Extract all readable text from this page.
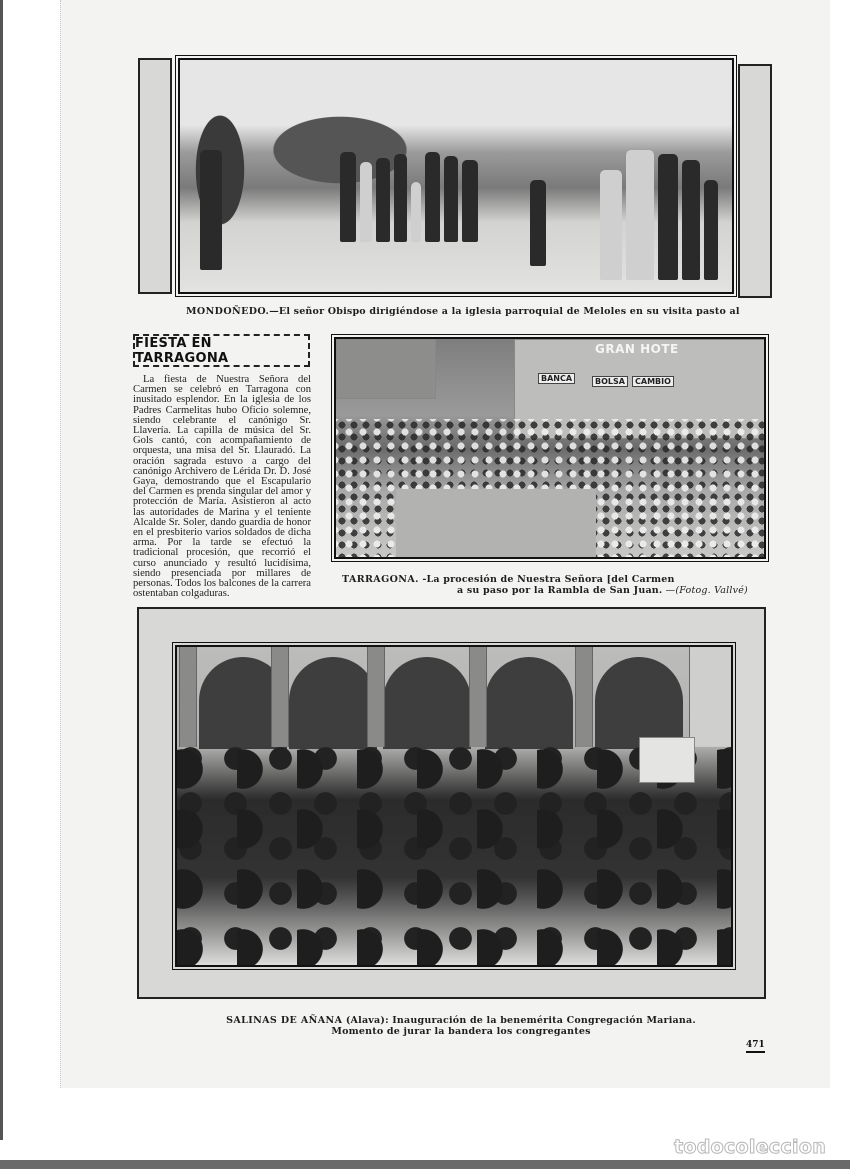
MONDOÑEDO.—El señor Obispo dirigiéndose a la iglesia parroquial de Meloles en su visita pasto al
FIESTA EN TARRAGONA

La fiesta de Nuestra Señora del Carmen se celebró en Tarragona con inusitado esplendor. En la iglesia de los Padres Carmelitas hubo Oficio solemne, siendo celebrante el canónigo Sr. Llavería. La capilla de música del Sr. Gols cantó, con acompañamiento de orquesta, una misa del Sr. Llauradó. La oración sagrada estuvo a cargo del canónigo Archivero de Lérida Dr. D. José Gaya, demostrando que el Escapulario del Carmen es prenda singular del amor y protección de María. Asistieron al acto las autoridades de Marina y el teniente Alcalde Sr. Soler, dando guardia de honor en el presbiterio varios soldados de dicha arma. Por la tarde se efectuó la tradicional procesión, que recorrió el curso anunciado y resultó lucidísima, siendo presenciada por millares de personas. Todos los balcones de la carrera ostentaban colgaduras.

GRAN HOTE
BANCA	BOLSA	CAMBIO
TARRAGONA. -La procesión de Nuestra Señora [del Carmen
a su paso por la Rambla de San Juan. —(Fotog. Vallvé)
SALINAS DE AÑANA (Alava): Inauguración de la benemérita Congregación Mariana.
Momento de jurar la bandera los congregantes
471
todocoleccion
